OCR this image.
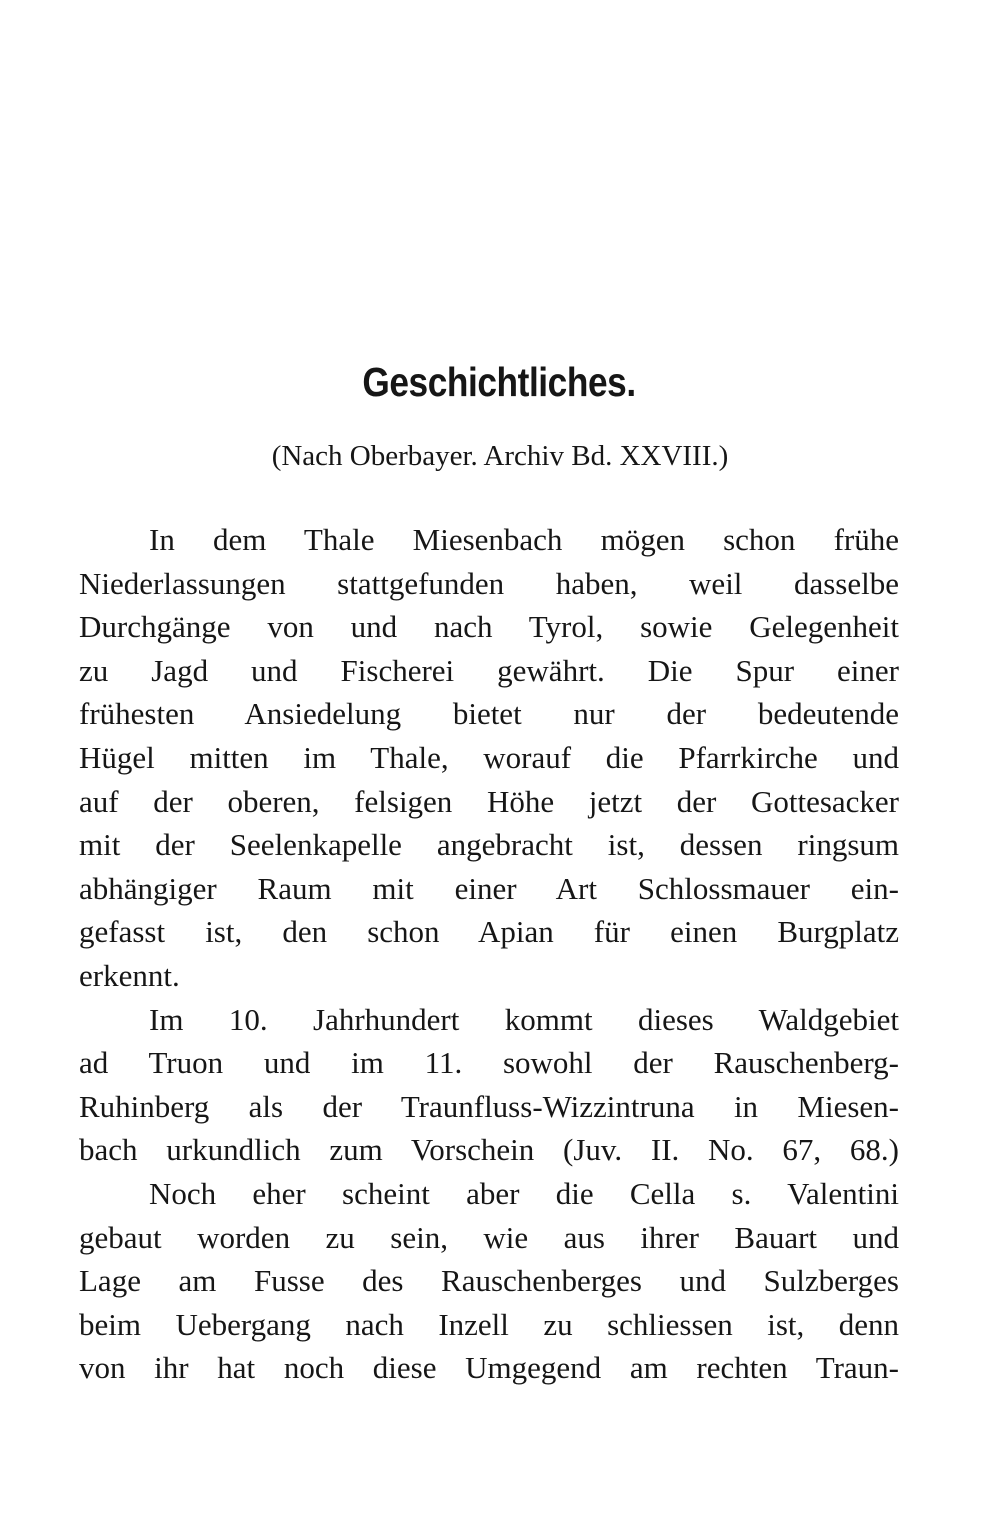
Geschichtliches.
(Nach Oberbayer. Archiv Bd. XXVIII.)
In dem Thale Miesenbach mögen schon frühe
Niederlassungen stattgefunden haben, weil dasselbe
Durchgänge von und nach Tyrol, sowie Gelegenheit
zu Jagd und Fischerei gewährt. Die Spur einer
frühesten Ansiedelung bietet nur der bedeutende
Hügel mitten im Thale, worauf die Pfarrkirche und
auf der oberen, felsigen Höhe jetzt der Gottesacker
mit der Seelenkapelle angebracht ist, dessen ringsum
abhängiger Raum mit einer Art Schlossmauer ein-
gefasst ist, den schon Apian für einen Burgplatz
erkennt.
Im 10. Jahrhundert kommt dieses Waldgebiet
ad Truon und im 11. sowohl der Rauschenberg-
Ruhinberg als der Traunfluss-Wizzintruna in Miesen-
bach urkundlich zum Vorschein (Juv. II. No. 67, 68.)
Noch eher scheint aber die Cella s. Valentini
gebaut worden zu sein, wie aus ihrer Bauart und
Lage am Fusse des Rauschenberges und Sulzberges
beim Uebergang nach Inzell zu schliessen ist, denn
von ihr hat noch diese Umgegend am rechten Traun-
